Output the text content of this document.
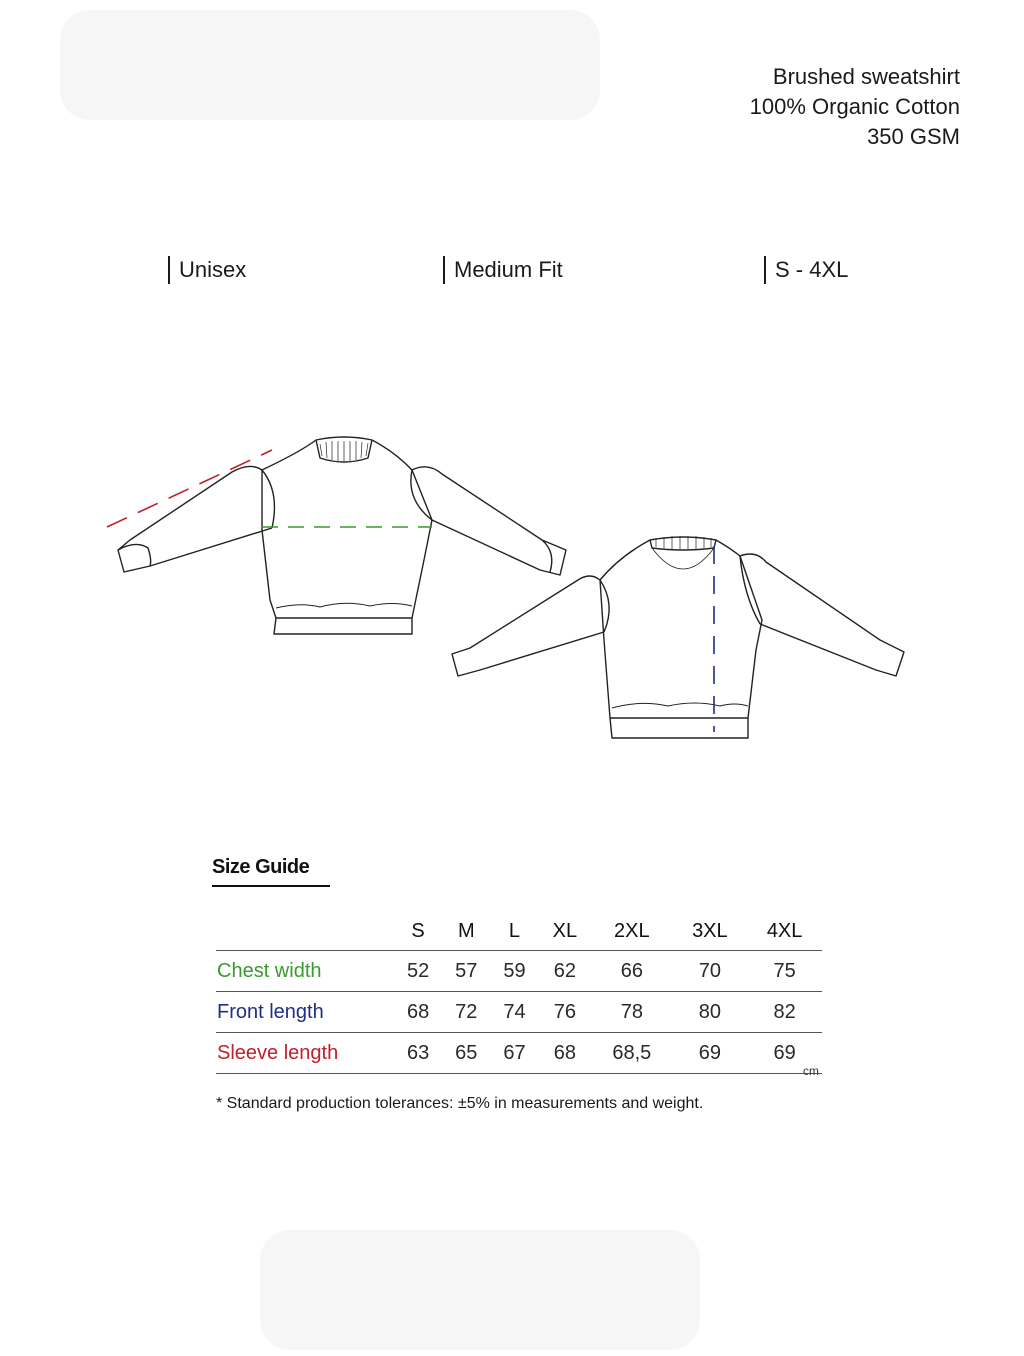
Brushed sweatshirt
100% Organic Cotton
350 GSM
Unisex	Medium Fit	S - 4XL
Size Guide
	S	M	L	XL	2XL	3XL	4XL
Chest width	52	57	59	62	66	70	75
Front length	68	72	74	76	78	80	82
Sleeve length	63	65	67	68	68,5	69	69
cm
* Standard production tolerances: ±5% in measurements and weight.
